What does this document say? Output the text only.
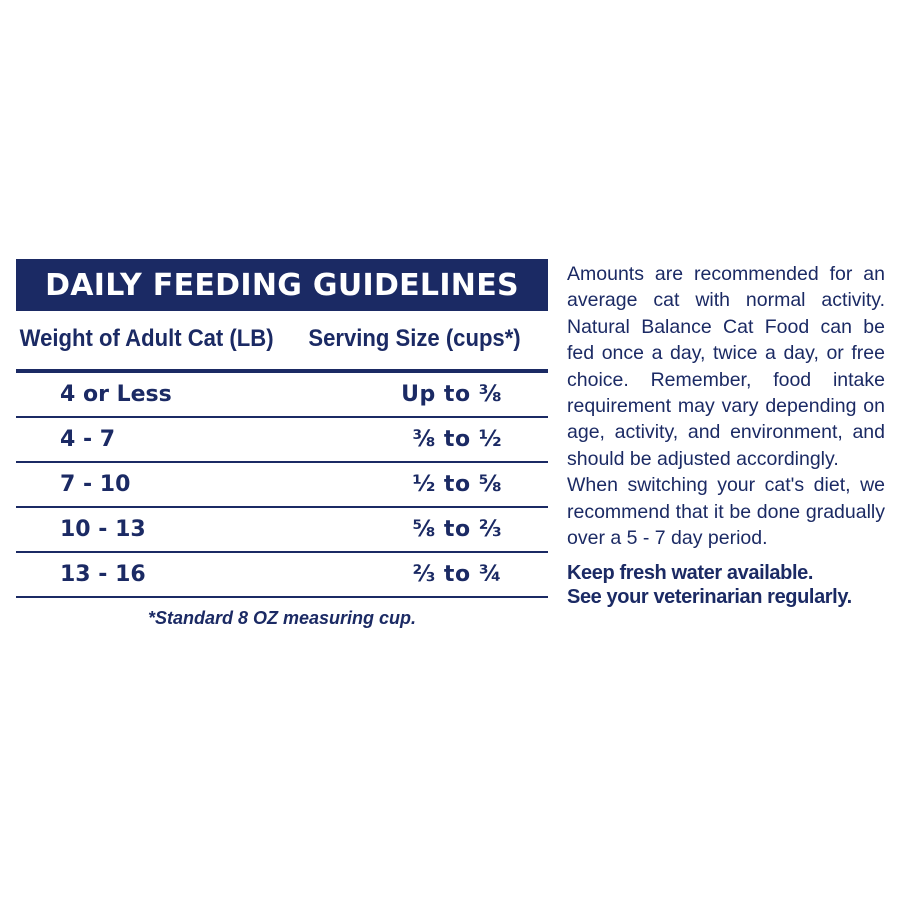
DAILY FEEDING GUIDELINES
Weight of Adult Cat (LB) Serving Size (cups*)
4 or Less	Up to ⅜
4 - 7	⅜ to ½
7 - 10	½ to ⅝
10 - 13	⅝ to ⅔
13 - 16	⅔ to ¾
*Standard 8 OZ measuring cup.

Amounts are recommended for an average cat with normal activity. Natural Balance Cat Food can be fed once a day, twice a day, or free choice. Remember, food intake requirement may vary depending on age, activity, and environment, and should be adjusted accordingly.

When switching your cat's diet, we recommend that it be done gradually over a 5 - 7 day period.

Keep fresh water available.
See your veterinarian regularly.
